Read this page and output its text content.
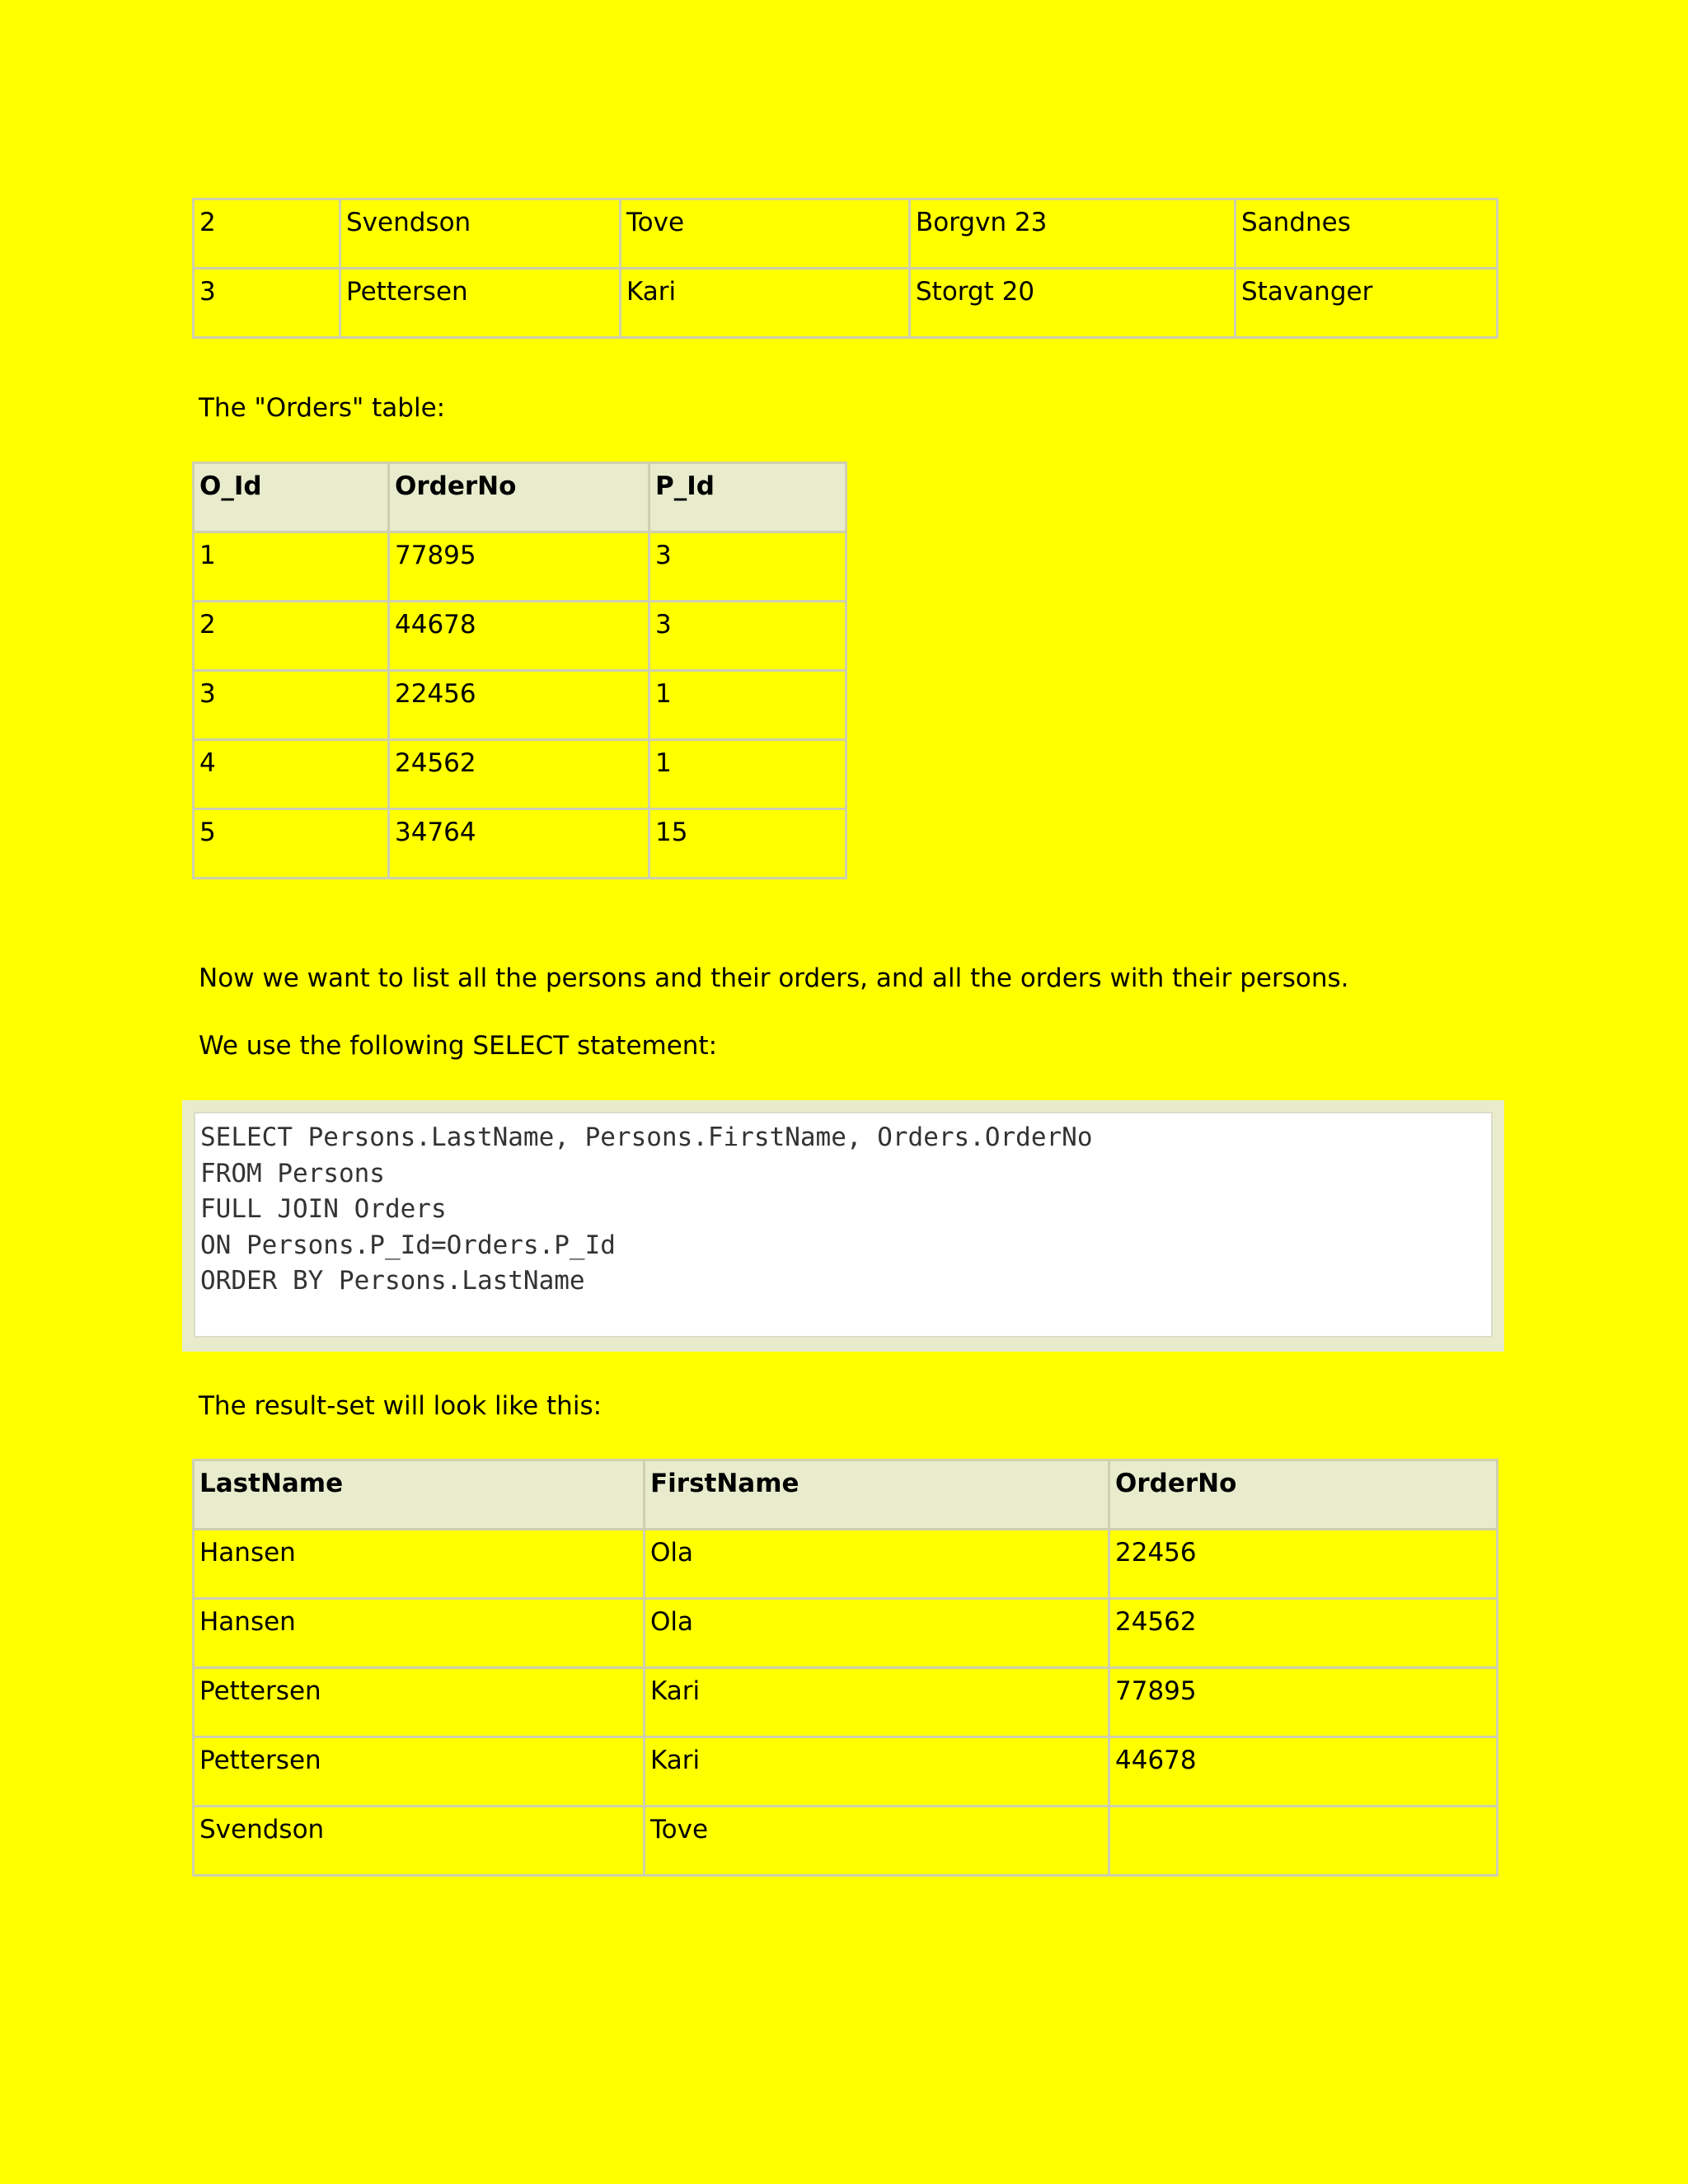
2	Svendson	Tove	Borgvn 23	Sandnes
3	Pettersen	Kari	Storgt 20	Stavanger
The "Orders" table:
O_Id	OrderNo	P_Id
1	77895	3
2	44678	3
3	22456	1
4	24562	1
5	34764	15
Now we want to list all the persons and their orders, and all the orders with their persons.
We use the following SELECT statement:
SELECT Persons.LastName, Persons.FirstName, Orders.OrderNo
FROM Persons
FULL JOIN Orders
ON Persons.P_Id=Orders.P_Id
ORDER BY Persons.LastName
The result-set will look like this:
LastName	FirstName	OrderNo
Hansen	Ola	22456
Hansen	Ola	24562
Pettersen	Kari	77895
Pettersen	Kari	44678
Svendson	Tove	
